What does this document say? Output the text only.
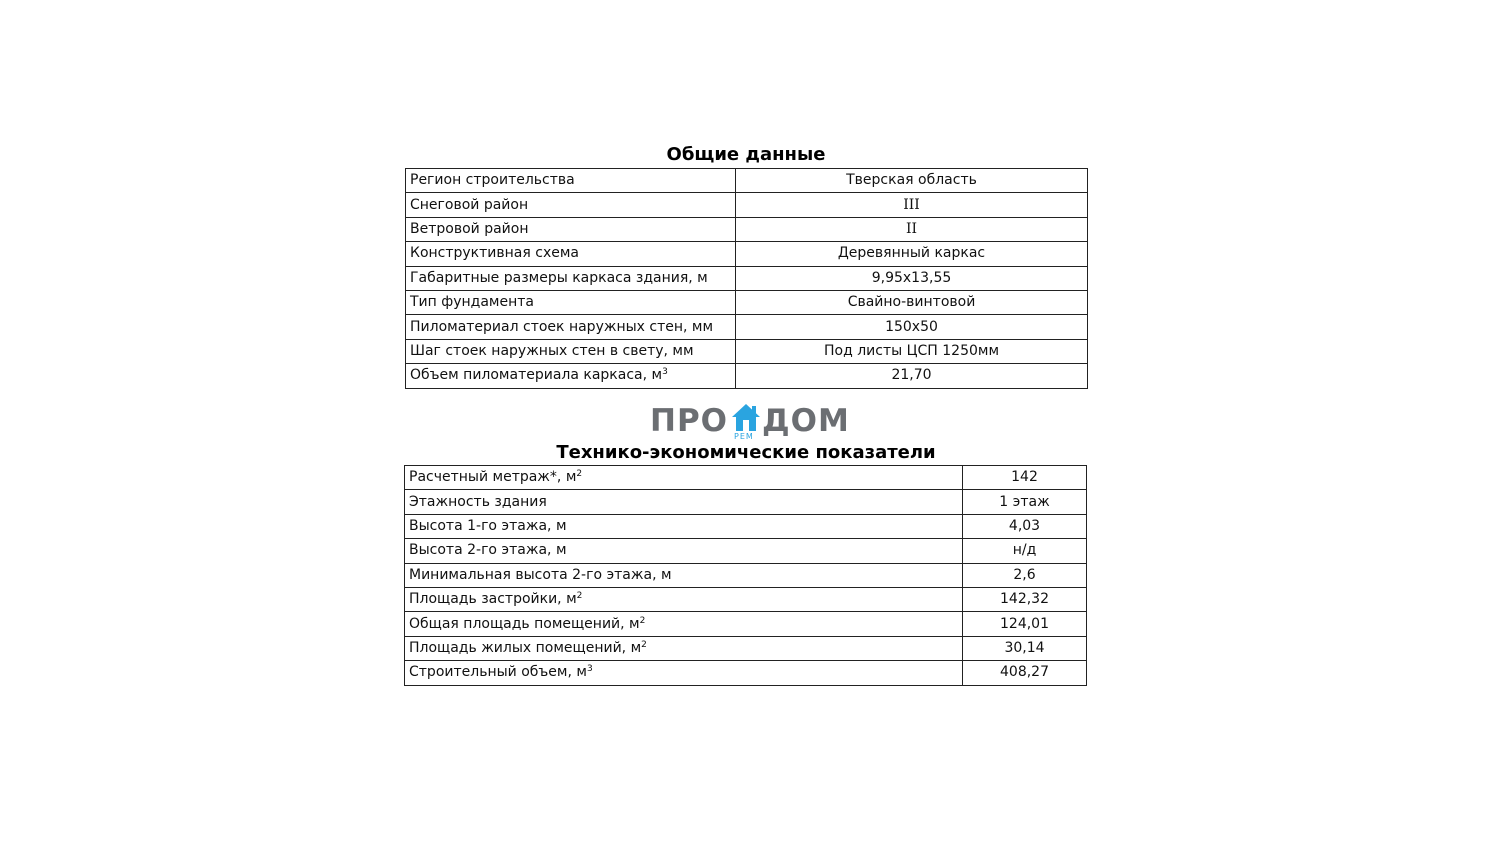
Общие данные
Регион строительства	Тверская область
Снеговой район	III
Ветровой район	II
Конструктивная схема	Деревянный каркас
Габаритные размеры каркаса здания, м	9,95х13,55
Тип фундамента	Свайно-винтовой
Пиломатериал стоек наружных стен, мм	150х50
Шаг стоек наружных стен в свету, мм	Под листы ЦСП 1250мм
Объем пиломатериала каркаса, $м^3$	21,70
ПРО РЕМ ДОМ
Технико-экономические показатели
Расчетный метраж*, $м^2$	142
Этажность здания	1 этаж
Высота 1-го этажа, м	4,03
Высота 2-го этажа, м	н/д
Минимальная высота 2-го этажа, м	2,6
Площадь застройки, $м^2$	142,32
Общая площадь помещений, $м^2$	124,01
Площадь жилых помещений, $м^2$	30,14
Строительный объем, $м^3$	408,27
